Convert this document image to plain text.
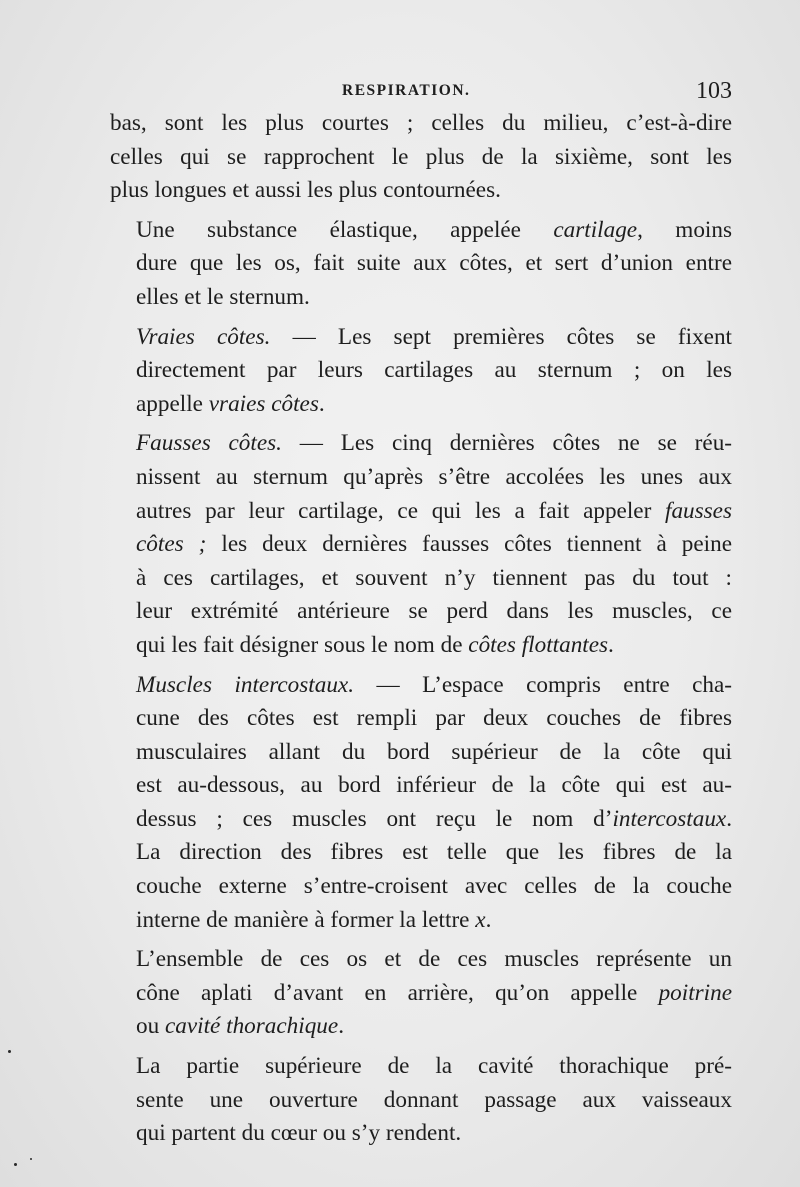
RESPIRATION.	103

bas, sont les plus courtes ; celles du milieu, c’est-à-dire
celles qui se rapprochent le plus de la sixième, sont les
plus longues et aussi les plus contournées.

Une substance élastique, appelée cartilage, moins
dure que les os, fait suite aux côtes, et sert d’union entre
elles et le sternum.

Vraies côtes. — Les sept premières côtes se fixent
directement par leurs cartilages au sternum ; on les
appelle vraies côtes.

Fausses côtes. — Les cinq dernières côtes ne se réu-
nissent au sternum qu’après s’être accolées les unes aux
autres par leur cartilage, ce qui les a fait appeler fausses
côtes ; les deux dernières fausses côtes tiennent à peine
à ces cartilages, et souvent n’y tiennent pas du tout :
leur extrémité antérieure se perd dans les muscles, ce
qui les fait désigner sous le nom de côtes flottantes.

Muscles intercostaux. — L’espace compris entre cha-
cune des côtes est rempli par deux couches de fibres
musculaires allant du bord supérieur de la côte qui
est au-dessous, au bord inférieur de la côte qui est au-
dessus ; ces muscles ont reçu le nom d’intercostaux.
La direction des fibres est telle que les fibres de la
couche externe s’entre-croisent avec celles de la couche
interne de manière à former la lettre x.

L’ensemble de ces os et de ces muscles représente un
cône aplati d’avant en arrière, qu’on appelle poitrine
ou cavité thorachique.

La partie supérieure de la cavité thorachique pré-
sente une ouverture donnant passage aux vaisseaux
qui partent du cœur ou s’y rendent.
